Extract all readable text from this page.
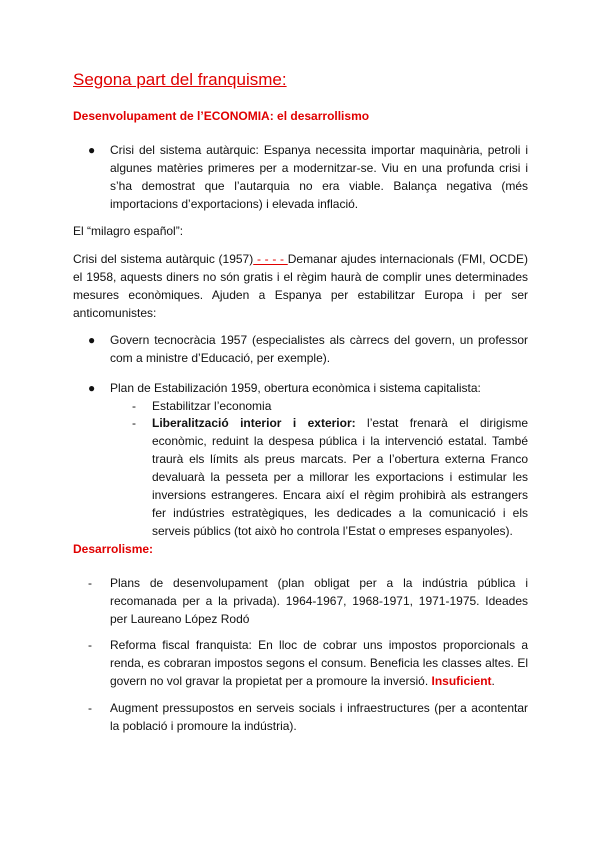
Segona part del franquisme:
Desenvolupament de l’ECONOMIA: el desarrollismo
● Crisi del sistema autàrquic: Espanya necessita importar maquinària, petroli i algunes matèries primeres per a modernitzar-se. Viu en una profunda crisi i s’ha demostrat que l’autarquia no era viable. Balança negativa (més importacions d’exportacions) i elevada inflació.

El “milagro español”:

Crisi del sistema autàrquic (1957) - - - - Demanar ajudes internacionals (FMI, OCDE) el 1958, aquests diners no són gratis i el règim haurà de complir unes determinades mesures econòmiques. Ajuden a Espanya per estabilitzar Europa i per ser anticomunistes:

● Govern tecnocràcia 1957 (especialistes als càrrecs del govern, un professor com a ministre d’Educació, per exemple).
● Plan de Estabilización 1959, obertura econòmica i sistema capitalista:
- Estabilitzar l’economia
- Liberalització interior i exterior: l’estat frenarà el dirigisme econòmic, reduint la despesa pública i la intervenció estatal. També traurà els límits als preus marcats. Per a l’obertura externa Franco devaluarà la pesseta per a millorar les exportacions i estimular les inversions estrangeres. Encara així el règim prohibirà als estrangers fer indústries estratègiques, les dedicades a la comunicació i els serveis públics (tot això ho controla l’Estat o empreses espanyoles).
Desarrolisme:
- Plans de desenvolupament (plan obligat per a la indústria pública i recomanada per a la privada). 1964-1967, 1968-1971, 1971-1975. Ideades per Laureano López Rodó
- Reforma fiscal franquista: En lloc de cobrar uns impostos proporcionals a renda, es cobraran impostos segons el consum. Beneficia les classes altes. El govern no vol gravar la propietat per a promoure la inversió. Insuficient.
- Augment pressupostos en serveis socials i infraestructures (per a acontentar la població i promoure la indústria).
